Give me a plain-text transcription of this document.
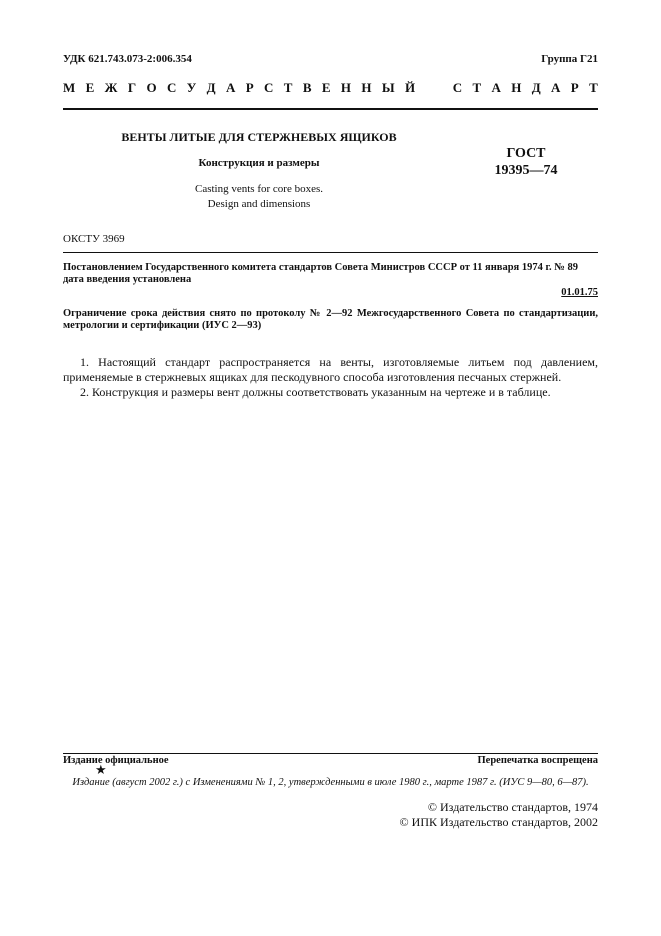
УДК 621.743.073-2:006.354	Группа Г21
М Е Ж Г О С У Д А Р С Т В Е Н Н Ы Й

	С Т А Н Д А Р Т
ВЕНТЫ ЛИТЫЕ ДЛЯ СТЕРЖНЕВЫХ ЯЩИКОВ
Конструкция и размеры
Casting vents for core boxes.
Design and dimensions
ГОСТ
19395—74
ОКСТУ 3969
Постановлением Государственного комитета стандартов Совета Министров СССР от 11 января 1974 г. № 89 дата введения установлена
01.01.75
Ограничение срока действия снято по протоколу № 2—92 Межгосударственного Совета по стандартизации, метрологии и сертификации (ИУС 2—93)

1. Настоящий стандарт распространяется на венты, изготовляемые литьем под давлением, применяемые в стержневых ящиках для пескодувного способа изготовления песчаных стержней.

2. Конструкция и размеры вент должны соответствовать указанным на чертеже и в таблице.

Издание официальное	Перепечатка воспрещена
★
Издание (август 2002 г.) с Изменениями № 1, 2, утвержденными в июле 1980 г., марте 1987 г. (ИУС 9—80, 6—87).
© Издательство стандартов, 1974
© ИПК Издательство стандартов, 2002
